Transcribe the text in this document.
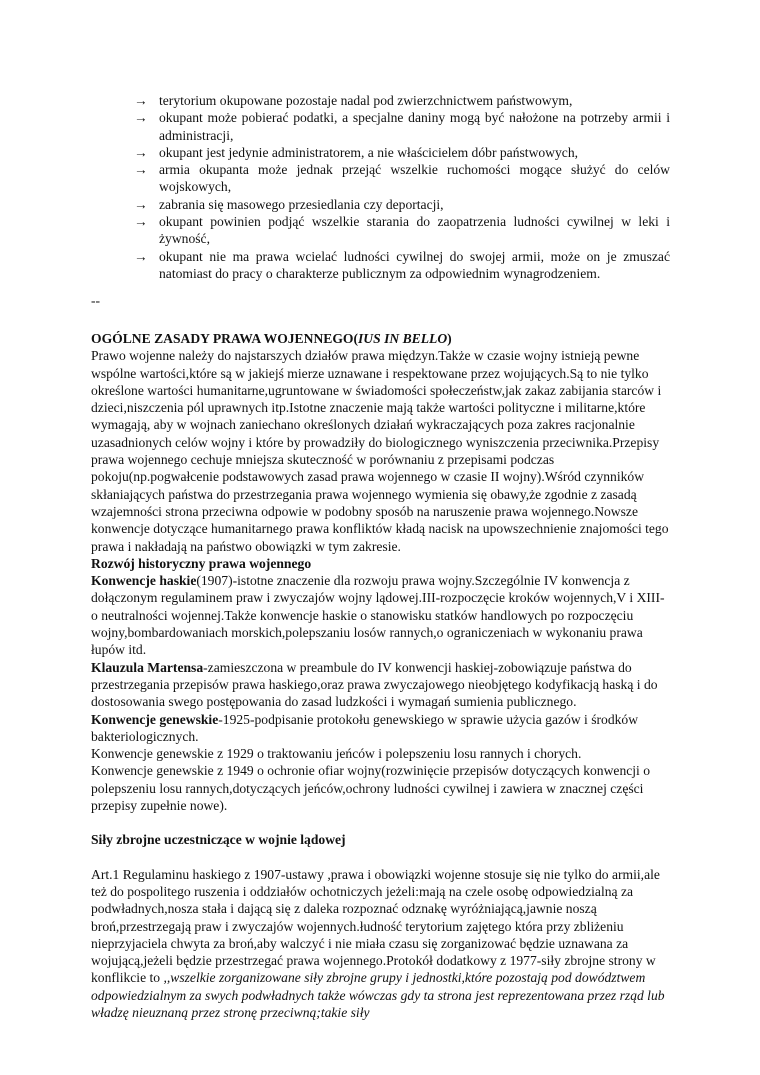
→ terytorium okupowane pozostaje nadal pod zwierzchnictwem państwowym,
→ okupant może pobierać podatki, a specjalne daniny mogą być nałożone na potrzeby armii i administracji,
→ okupant jest jedynie administratorem, a nie właścicielem dóbr państwowych,
→ armia okupanta może jednak przejąć wszelkie ruchomości mogące służyć do celów wojskowych,
→ zabrania się masowego przesiedlania czy deportacji,
→ okupant powinien podjąć wszelkie starania do zaopatrzenia ludności cywilnej w leki i żywność,
→ okupant nie ma prawa wcielać ludności cywilnej do swojej armii, może on je zmuszać natomiast do pracy o charakterze publicznym za odpowiednim wynagrodzeniem.
--

OGÓLNE ZASADY PRAWA WOJENNEGO(IUS IN BELLO)

Prawo wojenne należy do najstarszych działów prawa międzyn.Także w czasie wojny istnieją pewne wspólne wartości,które są w jakiejś mierze uznawane i respektowane przez wojujących.Są to nie tylko określone wartości humanitarne,ugruntowane w świadomości społeczeństw,jak zakaz zabijania starców i dzieci,niszczenia pól uprawnych itp.Istotne znaczenie mają także wartości polityczne i militarne,które wymagają, aby w wojnach zaniechano określonych działań wykraczających poza zakres racjonalnie uzasadnionych celów wojny i które by prowadziły do biologicznego wyniszczenia przeciwnika.Przepisy prawa wojennego cechuje mniejsza skuteczność w porównaniu z przepisami podczas pokoju(np.pogwałcenie podstawowych zasad prawa wojennego w czasie II wojny).Wśród czynników skłaniających państwa do przestrzegania prawa wojennego wymienia się obawy,że zgodnie z zasadą wzajemności strona przeciwna odpowie w podobny sposób na naruszenie prawa wojennego.Nowsze konwencje dotyczące humanitarnego prawa konfliktów kładą nacisk na upowszechnienie znajomości tego prawa i nakładają na państwo obowiązki w tym zakresie.

Rozwój historyczny prawa wojennego

Konwencje haskie(1907)-istotne znaczenie dla rozwoju prawa wojny.Szczególnie IV konwencja z dołączonym regulaminem praw i zwyczajów wojny lądowej.III-rozpoczęcie kroków wojennych,V i XIII-o neutralności wojennej.Także konwencje haskie o stanowisku statków handlowych po rozpoczęciu wojny,bombardowaniach morskich,polepszaniu losów rannych,o ograniczeniach w wykonaniu prawa łupów itd.

Klauzula Martensa-zamieszczona w preambule do IV konwencji haskiej-zobowiązuje państwa do przestrzegania przepisów prawa haskiego,oraz prawa zwyczajowego nieobjętego kodyfikacją haską i do dostosowania swego postępowania do zasad ludzkości i wymagań sumienia publicznego.

Konwencje genewskie-1925-podpisanie protokołu genewskiego w sprawie użycia gazów i środków bakteriologicznych.

Konwencje genewskie z 1929 o traktowaniu jeńców i polepszeniu losu rannych i chorych.

Konwencje genewskie z 1949 o ochronie ofiar wojny(rozwinięcie przepisów dotyczących konwencji o polepszeniu losu rannych,dotyczących jeńców,ochrony ludności cywilnej i zawiera w znacznej części przepisy zupełnie nowe).

Siły zbrojne uczestniczące w wojnie lądowej

Art.1 Regulaminu haskiego z 1907-ustawy ,prawa i obowiązki wojenne stosuje się nie tylko do armii,ale też do pospolitego ruszenia i oddziałów ochotniczych jeżeli:mają na czele osobę odpowiedzialną za podwładnych,nosza stała i dającą się z daleka rozpoznać odznakę wyróżniającą,jawnie noszą broń,przestrzegają praw i zwyczajów wojennych.łudność terytorium zajętego która przy zbliżeniu nieprzyjaciela chwyta za broń,aby walczyć i nie miała czasu się zorganizować będzie uznawana za wojującą,jeżeli będzie przestrzegać prawa wojennego.Protokół dodatkowy z 1977-siły zbrojne strony w konflikcie to ,,wszelkie zorganizowane siły zbrojne grupy i jednostki,które pozostają pod dowództwem odpowiedzialnym za swych podwładnych także wówczas gdy ta strona jest reprezentowana przez rząd lub władzę nieuznaną przez stronę przeciwną;takie siły
